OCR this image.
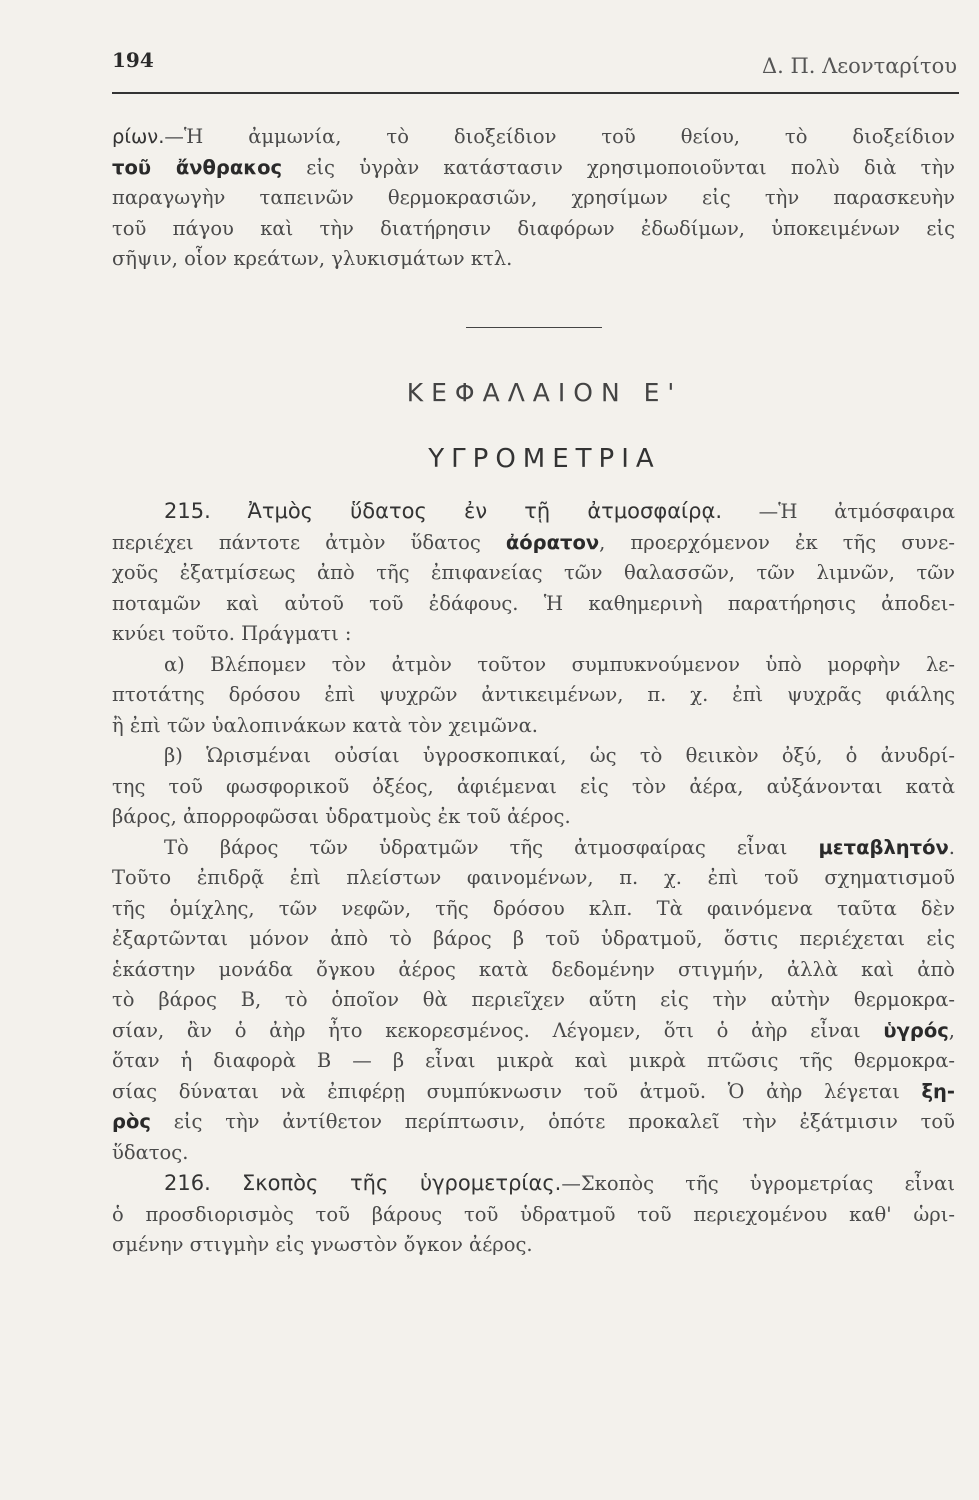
194	Δ. Π. Λεονταρίτου
ρίων.—Ἡ ἀμμωνία, τὸ διοξείδιον τοῦ θείου, τὸ διοξείδιον
τοῦ ἄνθρακος εἰς ὑγρὰν κατάστασιν χρησιμοποιοῦνται πολὺ διὰ τὴν
παραγωγὴν ταπεινῶν θερμοκρασιῶν, χρησίμων εἰς τὴν παρασκευὴν
τοῦ πάγου καὶ τὴν διατήρησιν διαφόρων ἐδωδίμων, ὑποκειμένων εἰς
σῆψιν, οἷον κρεάτων, γλυκισμάτων κτλ.
ΚΕΦΑΛΑΙΟΝ Ε'
ΥΓΡΟΜΕΤΡΙΑ
215. Ἀτμὸς ὕδατος ἐν τῇ ἀτμοσφαίρᾳ. —Ἡ ἀτμόσφαιρα
περιέχει πάντοτε ἀτμὸν ὕδατος ἀόρατον, προερχόμενον ἐκ τῆς συνε-
χοῦς ἐξατμίσεως ἀπὸ τῆς ἐπιφανείας τῶν θαλασσῶν, τῶν λιμνῶν, τῶν
ποταμῶν καὶ αὐτοῦ τοῦ ἐδάφους. Ἡ καθημερινὴ παρατήρησις ἀποδει-
κνύει τοῦτο. Πράγματι :
α) Βλέπομεν τὸν ἀτμὸν τοῦτον συμπυκνούμενον ὑπὸ μορφὴν λε-
πτοτάτης δρόσου ἐπὶ ψυχρῶν ἀντικειμένων, π. χ. ἐπὶ ψυχρᾶς φιάλης
ἢ ἐπὶ τῶν ὑαλοπινάκων κατὰ τὸν χειμῶνα.
β) Ὡρισμέναι οὐσίαι ὑγροσκοπικαί, ὡς τὸ θειικὸν ὀξύ, ὁ ἀνυδρί-
της τοῦ φωσφορικοῦ ὀξέος, ἀφιέμεναι εἰς τὸν ἀέρα, αὐξάνονται κατὰ
βάρος, ἀπορροφῶσαι ὑδρατμοὺς ἐκ τοῦ ἀέρος.
Τὸ βάρος τῶν ὑδρατμῶν τῆς ἀτμοσφαίρας εἶναι μεταβλητόν.
Τοῦτο ἐπιδρᾷ ἐπὶ πλείστων φαινομένων, π. χ. ἐπὶ τοῦ σχηματισμοῦ
τῆς ὁμίχλης, τῶν νεφῶν, τῆς δρόσου κλπ. Τὰ φαινόμενα ταῦτα δὲν
ἐξαρτῶνται μόνον ἀπὸ τὸ βάρος β τοῦ ὑδρατμοῦ, ὅστις περιέχεται εἰς
ἑκάστην μονάδα ὄγκου ἀέρος κατὰ δεδομένην στιγμήν, ἀλλὰ καὶ ἀπὸ
τὸ βάρος Β, τὸ ὁποῖον θὰ περιεῖχεν αὕτη εἰς τὴν αὐτὴν θερμοκρα-
σίαν, ἂν ὁ ἀὴρ ἦτο κεκορεσμένος. Λέγομεν, ὅτι ὁ ἀὴρ εἶναι ὑγρός,
ὅταν ἡ διαφορὰ Β — β εἶναι μικρὰ καὶ μικρὰ πτῶσις τῆς θερμοκρα-
σίας δύναται νὰ ἐπιφέρῃ συμπύκνωσιν τοῦ ἀτμοῦ. Ὁ ἀὴρ λέγεται ξη-
ρὸς εἰς τὴν ἀντίθετον περίπτωσιν, ὁπότε προκαλεῖ τὴν ἐξάτμισιν τοῦ
ὕδατος.
216. Σκοπὸς τῆς ὑγρομετρίας.—Σκοπὸς τῆς ὑγρομετρίας εἶναι
ὁ προσδιορισμὸς τοῦ βάρους τοῦ ὑδρατμοῦ τοῦ περιεχομένου καθ' ὡρι-
σμένην στιγμὴν εἰς γνωστὸν ὄγκον ἀέρος.
